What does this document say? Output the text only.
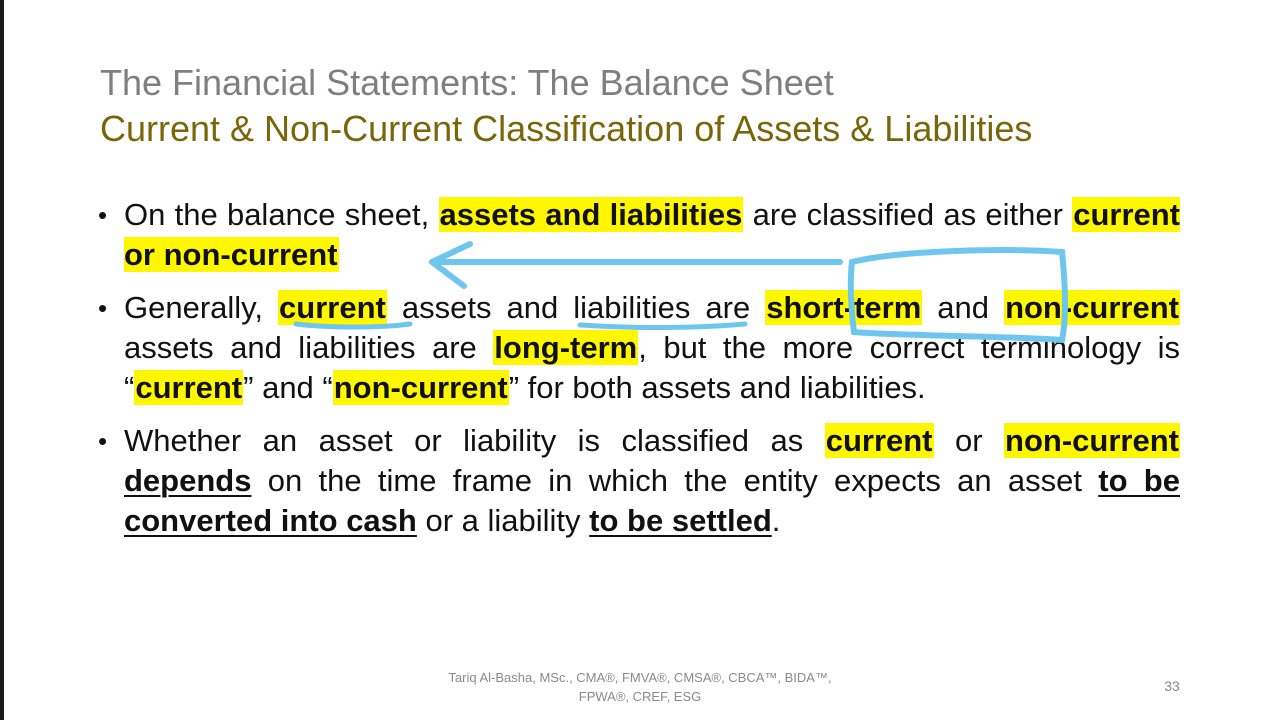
The Financial Statements: The Balance Sheet
Current & Non-Current Classification of Assets & Liabilities
• On the balance sheet, assets and liabilities are classified as either current or non-current
• Generally, current assets and liabilities are short-term and non-current assets and liabilities are long-term, but the more correct terminology is “current” and “non-current” for both assets and liabilities.
• Whether an asset or liability is classified as current or non-current depends on the time frame in which the entity expects an asset to be converted into cash or a liability to be settled.
Tariq Al-Basha, MSc., CMA®, FMVA®, CMSA®, CBCA™, BIDA™,
FPWA®, CREF, ESG
33
